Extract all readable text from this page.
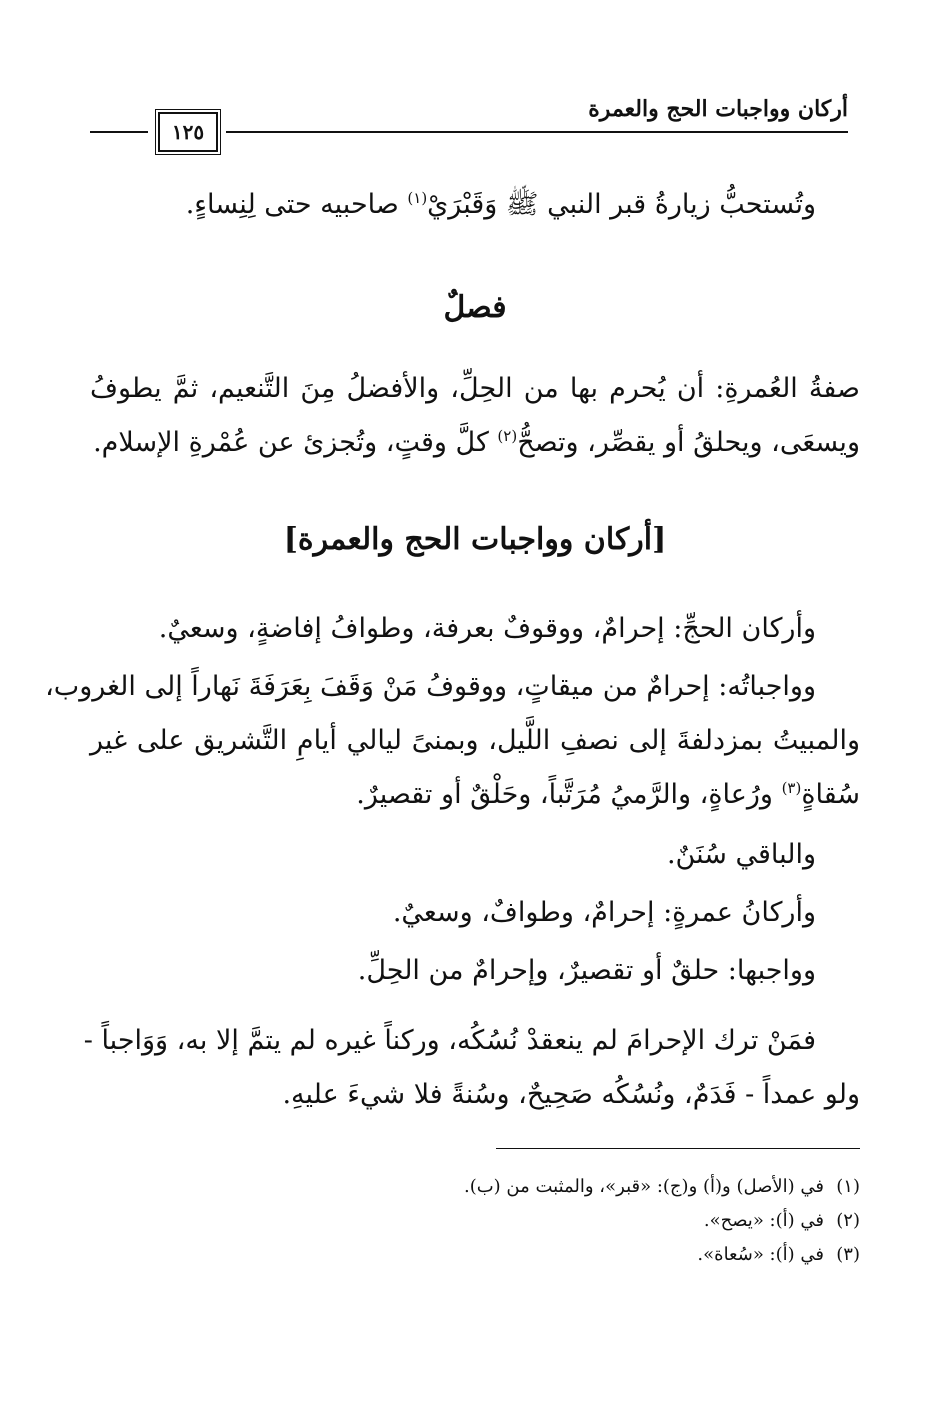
أركان وواجبات الحج والعمرة
١٢٥
وتُستحبُّ زيارةُ قبر النبي ﷺ وَقَبْرَيْ$^{(١)}$ صاحبيه حتى لِنِساءٍ.
فصلٌ
صفةُ العُمرةِ: أن يُحرم بها من الحِلِّ، والأفضلُ مِنَ التَّنعيم، ثمَّ يطوفُ
ويسعَى، ويحلقُ أو يقصِّر، وتصحُّ$^{(٢)}$ كلَّ وقتٍ، وتُجزئ عن عُمْرةِ الإسلام.
[أركان وواجبات الحج والعمرة]
وأركان الحجِّ: إحرامٌ، ووقوفٌ بعرفة، وطوافُ إفاضةٍ، وسعيٌ.
وواجباتُه: إحرامٌ من ميقاتٍ، ووقوفُ مَنْ وَقَفَ بِعَرَفَةَ نَهاراً إلى الغروب،
والمبيتُ بمزدلفةَ إلى نصفِ اللَّيل، وبمنىً ليالي أيامِ التَّشريق على غير
سُقاةٍ$^{(٣)}$ ورُعاةٍ، والرَّميُ مُرَتَّباً، وحَلْقٌ أو تقصيرٌ.
والباقي سُنَنٌ.
وأركانُ عمرةٍ: إحرامٌ، وطوافٌ، وسعيٌ.
وواجبها: حلقٌ أو تقصيرٌ، وإحرامٌ من الحِلِّ.
فمَنْ ترك الإحرامَ لم ينعقدْ نُسُكُه، وركناً غيره لم يتمَّ إلا به، وَوَاجباً -
ولو عمداً - فَدَمٌ، ونُسُكُه صَحِيحٌ، وسُنةً فلا شيءَ عليهِ.
(١)في (الأصل) و(أ) و(ج): «قبر»، والمثبت من (ب).
(٢)في (أ): «يصح».
(٣)في (أ): «سُعاة».
